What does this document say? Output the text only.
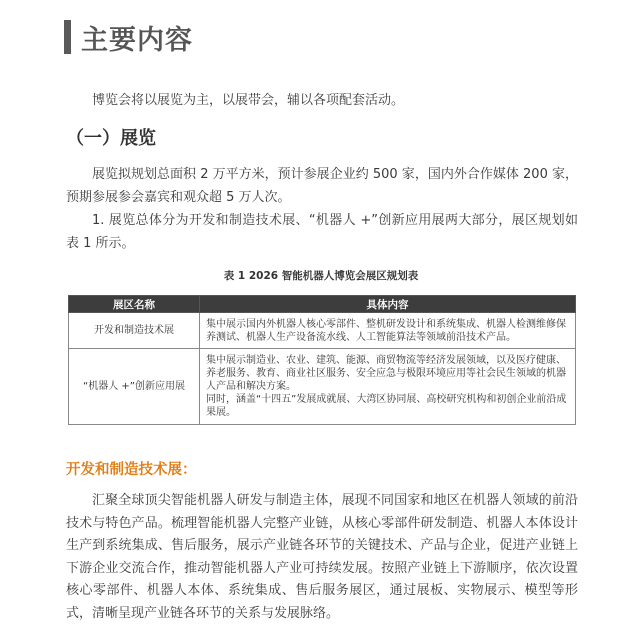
主要内容
博览会将以展览为主，以展带会，辅以各项配套活动。
（一）展览
展览拟规划总面积 2 万平方米，预计参展企业约 500 家，国内外合作媒体 200 家，预期参展参会嘉宾和观众超 5 万人次。
1. 展览总体分为开发和制造技术展、“机器人 +”创新应用展两大部分，展区规划如表 1 所示。
表 1 2026 智能机器人博览会展区规划表
展区名称	具体内容
开发和制造技术展	集中展示国内外机器人核心零部件、整机研发设计和系统集成、机器人检测维修保养测试、机器人生产设备流水线、人工智能算法等领域前沿技术产品。
“机器人 +”创新应用展	集中展示制造业、农业、建筑、能源、商贸物流等经济发展领域，以及医疗健康、养老服务、教育、商业社区服务、安全应急与极限环境应用等社会民生领域的机器人产品和解决方案。
同时，涵盖“十四五”发展成就展、大湾区协同展、高校研究机构和初创企业前沿成果展。
开发和制造技术展：
汇聚全球顶尖智能机器人研发与制造主体，展现不同国家和地区在机器人领域的前沿技术与特色产品。梳理智能机器人完整产业链，从核心零部件研发制造、机器人本体设计生产到系统集成、售后服务，展示产业链各环节的关键技术、产品与企业，促进产业链上下游企业交流合作，推动智能机器人产业可持续发展。按照产业链上下游顺序，依次设置核心零部件、机器人本体、系统集成、售后服务展区，通过展板、实物展示、模型等形式，清晰呈现产业链各环节的关系与发展脉络。
